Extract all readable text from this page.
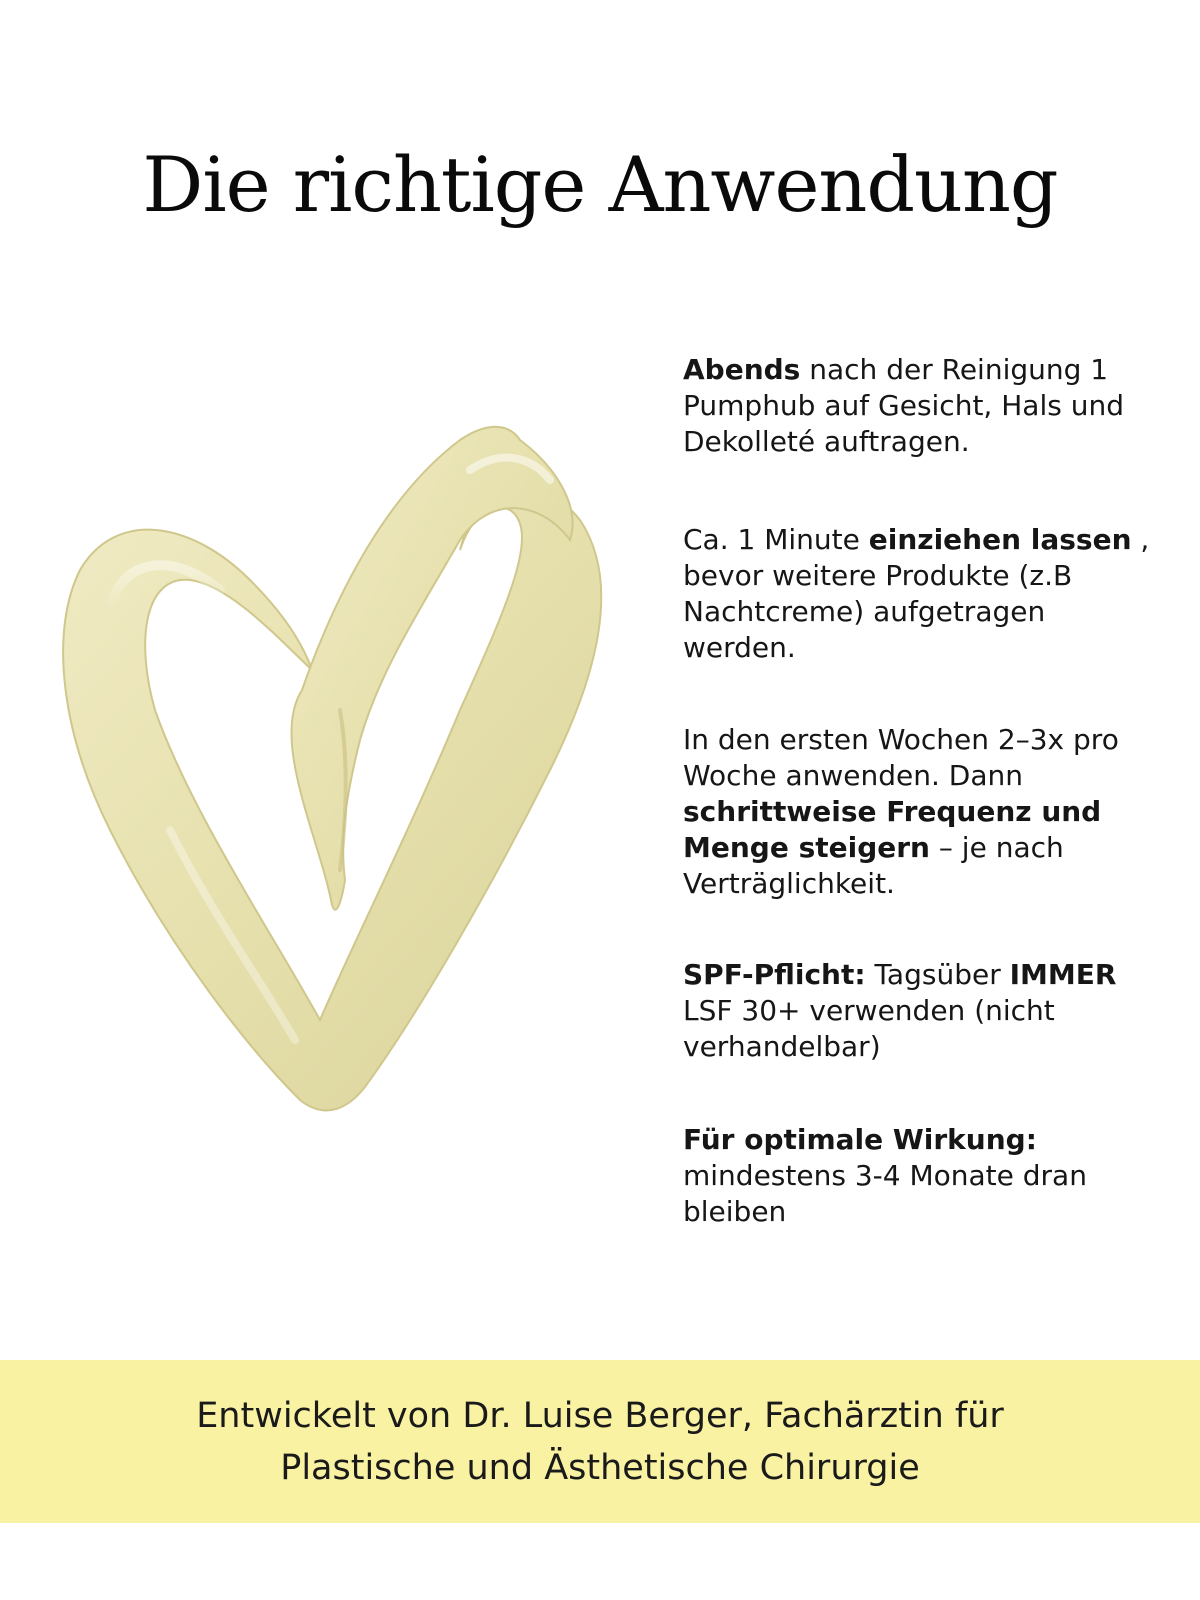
Die richtige Anwendung

Abends nach der Reinigung 1 Pumphub auf Gesicht, Hals und Dekolleté auftragen.

Ca. 1 Minute einziehen lassen , bevor weitere Produkte (z.B Nachtcreme) aufgetragen werden.

In den ersten Wochen 2–3x pro Woche anwenden. Dann schrittweise Frequenz und Menge steigern – je nach Verträglichkeit.

SPF-Pflicht: Tagsüber IMMER LSF 30+ verwenden (nicht verhandelbar)

Für optimale Wirkung: mindestens 3-4 Monate dran bleiben

Entwickelt von Dr. Luise Berger, Fachärztin für
Plastische und Ästhetische Chirurgie
